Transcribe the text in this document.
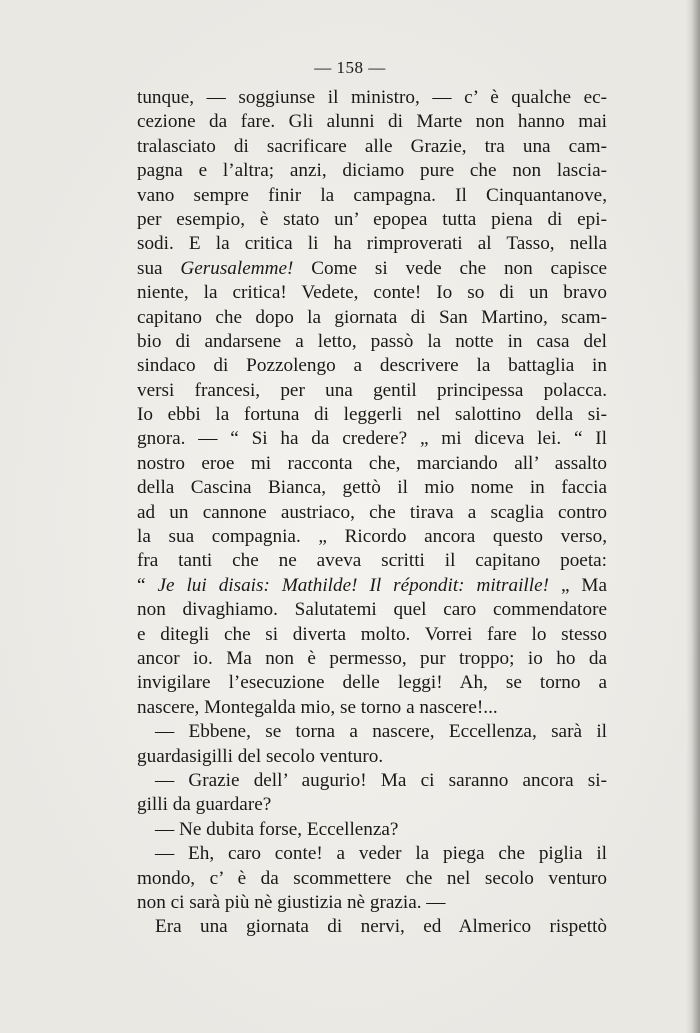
— 158 —
tunque, — soggiunse il ministro, — c’ è qualche ec-
cezione da fare. Gli alunni di Marte non hanno mai
tralasciato di sacrificare alle Grazie, tra una cam-
pagna e l’altra; anzi, diciamo pure che non lascia-
vano sempre finir la campagna. Il Cinquantanove,
per esempio, è stato un’ epopea tutta piena di epi-
sodi. E la critica li ha rimproverati al Tasso, nella
sua Gerusalemme! Come si vede che non capisce
niente, la critica! Vedete, conte! Io so di un bravo
capitano che dopo la giornata di San Martino, scam-
bio di andarsene a letto, passò la notte in casa del
sindaco di Pozzolengo a descrivere la battaglia in
versi francesi, per una gentil principessa polacca.
Io ebbi la fortuna di leggerli nel salottino della si-
gnora. — “ Si ha da credere? „ mi diceva lei. “ Il
nostro eroe mi racconta che, marciando all’ assalto
della Cascina Bianca, gettò il mio nome in faccia
ad un cannone austriaco, che tirava a scaglia contro
la sua compagnia. „ Ricordo ancora questo verso,
fra tanti che ne aveva scritti il capitano poeta:
“ Je lui disais: Mathilde! Il répondit: mitraille! „ Ma
non divaghiamo. Salutatemi quel caro commendatore
e ditegli che si diverta molto. Vorrei fare lo stesso
ancor io. Ma non è permesso, pur troppo; io ho da
invigilare l’esecuzione delle leggi! Ah, se torno a
nascere, Montegalda mio, se torno a nascere!...
— Ebbene, se torna a nascere, Eccellenza, sarà il
guardasigilli del secolo venturo.
— Grazie dell’ augurio! Ma ci saranno ancora si-
gilli da guardare?
— Ne dubita forse, Eccellenza?
— Eh, caro conte! a veder la piega che piglia il
mondo, c’ è da scommettere che nel secolo venturo
non ci sarà più nè giustizia nè grazia. —
Era una giornata di nervi, ed Almerico rispettò
